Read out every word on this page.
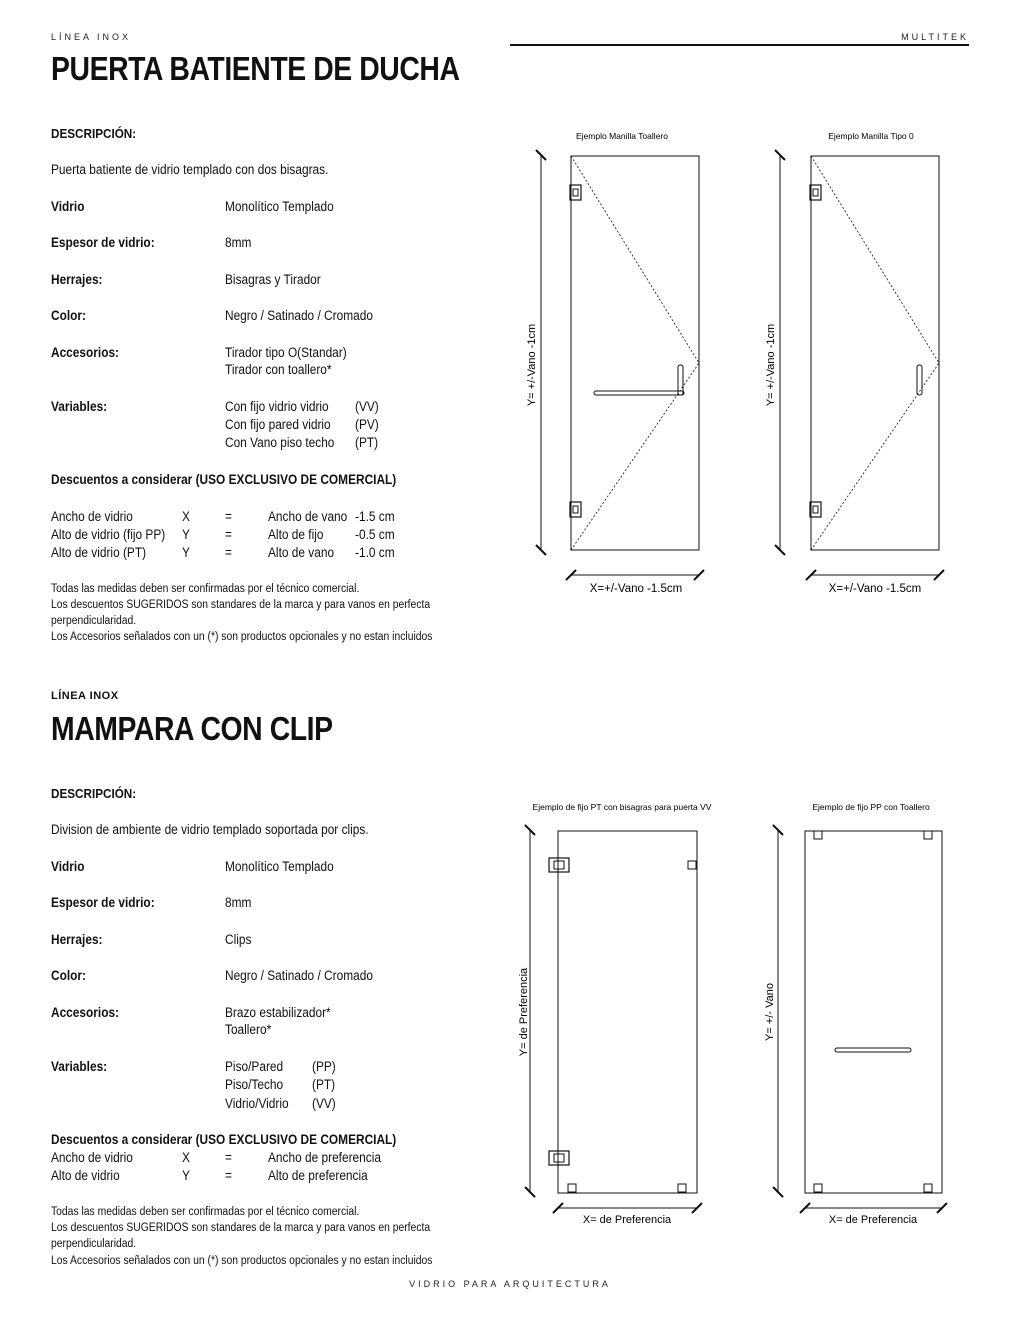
LÍNEA INOX	MULTITEK
PUERTA BATIENTE DE DUCHA
DESCRIPCIÓN:
Puerta batiente de vidrio templado con dos bisagras.
Vidrio	Monolítico Templado
Espesor de vidrio:	8mm
Herrajes:	Bisagras y Tirador
Color:	Negro / Satinado / Cromado
Accesorios:	Tirador tipo O(Standar)
Tirador con toallero*
Variables:	Con fijo vidrio vidrio (VV)
Con fijo pared vidrio (PV)
Con Vano piso techo (PT)
Descuentos a considerar (USO EXCLUSIVO DE COMERCIAL)
Ancho de vidrio	X	=	Ancho de vano -1.5 cm
Alto de vidrio (fijo PP) Y	=	Alto de fijo -0.5 cm
Alto de vidrio (PT)	Y	=	Alto de vano -1.0 cm
Todas las medidas deben ser confirmadas por el técnico comercial.
Los descuentos SUGERIDOS son standares de la marca y para vanos en perfecta
perpendicularidad.
Los Accesorios señalados con un (*) son productos opcionales y no estan incluidos
Ejemplo Manilla Toallero
Y= +/-Vano -1cm
X=+/-Vano -1.5cm
Ejemplo Manilla Tipo 0
Y= +/-Vano -1cm
X=+/-Vano -1.5cm
LÍNEA INOX
MAMPARA CON CLIP
DESCRIPCIÓN:
Division de ambiente de vidrio templado soportada por clips.
Vidrio	Monolítico Templado
Espesor de vidrio:	8mm
Herrajes:	Clips
Color:	Negro / Satinado / Cromado
Accesorios:	Brazo estabilizador*
Toallero*
Variables:	Piso/Pared (PP)
Piso/Techo (PT)
Vidrio/Vidrio (VV)
Descuentos a considerar (USO EXCLUSIVO DE COMERCIAL)
Ancho de vidrio	X	=	Ancho de preferencia
Alto de vidrio	Y	=	Alto de preferencia
Todas las medidas deben ser confirmadas por el técnico comercial.
Los descuentos SUGERIDOS son standares de la marca y para vanos en perfecta
perpendicularidad.
Los Accesorios señalados con un (*) son productos opcionales y no estan incluidos
Ejemplo de fijo PT con bisagras para puerta VV
Y= de Preferencia
X= de Preferencia
Ejemplo de fijo PP con Toallero
Y= +/- Vano
X= de Preferencia
VIDRIO PARA ARQUITECTURA
